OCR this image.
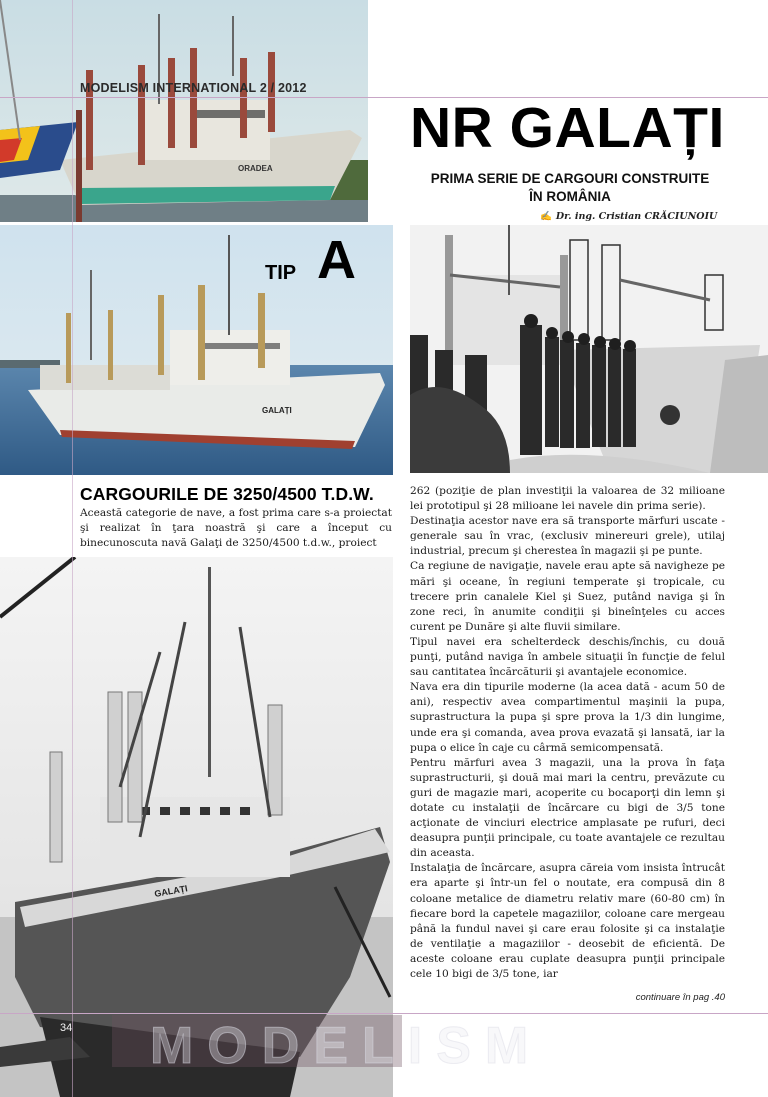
ORADEA
GALAȚI
GALAȚI
MODELISM INTERNATIONAL 2 / 2012
NR GALAȚI
PRIMA SERIE DE CARGOURI CONSTRUITE
ÎN ROMÂNIA
✍ Dr. ing. Cristian CRĂCIUNOIU
TIP A
CARGOURILE DE 3250/4500 T.D.W.

Această categorie de nave, a fost prima care s-a proiectat şi realizat în ţara noastră şi care a început cu binecunoscuta navă Galaţi de 3250/4500 t.d.w., proiect

262 (poziţie de plan investiţii la valoarea de 32 milioane lei prototipul şi 28 milioane lei navele din prima serie).

Destinaţia acestor nave era să transporte mărfuri uscate - generale sau în vrac, (exclusiv minereuri grele), utilaj industrial, precum şi cherestea în magazii şi pe punte.

Ca regiune de navigaţie, navele erau apte să navigheze pe mări şi oceane, în regiuni temperate şi tropicale, cu trecere prin canalele Kiel şi Suez, putând naviga şi în zone reci, în anumite condiţii şi bineînţeles cu acces curent pe Dunăre şi alte fluvii similare.

Tipul navei era schelterdeck deschis/închis, cu două punţi, putând naviga în ambele situaţii în funcţie de felul sau cantitatea încărcăturii şi avantajele economice.

Nava era din tipurile moderne (la acea dată - acum 50 de ani), respectiv avea compartimentul maşinii la pupa, suprastructura la pupa şi spre prova la 1/3 din lungime, unde era şi comanda, avea prova evazată şi lansată, iar la pupa o elice în caje cu cârmă semicompensată.

Pentru mărfuri avea 3 magazii, una la prova în faţa suprastructurii, şi două mai mari la centru, prevăzute cu guri de magazie mari, acoperite cu bocaporţi din lemn şi dotate cu instalaţii de încărcare cu bigi de 3/5 tone acţionate de vinciuri electrice amplasate pe rufuri, deci deasupra punţii principale, cu toate avantajele ce rezultau din aceasta.

Instalaţia de încărcare, asupra căreia vom insista întrucât era aparte şi într-un fel o noutate, era compusă din 8 coloane metalice de diametru relativ mare (60-80 cm) în fiecare bord la capetele magaziilor, coloane care mergeau până la fundul navei şi care erau folosite şi ca instalaţie de ventilaţie a magaziilor - deosebit de eficientă. De aceste coloane erau cuplate deasupra punţii principale cele 10 bigi de 3/5 tone, iar

continuare în pag .40
MODELISM
34
